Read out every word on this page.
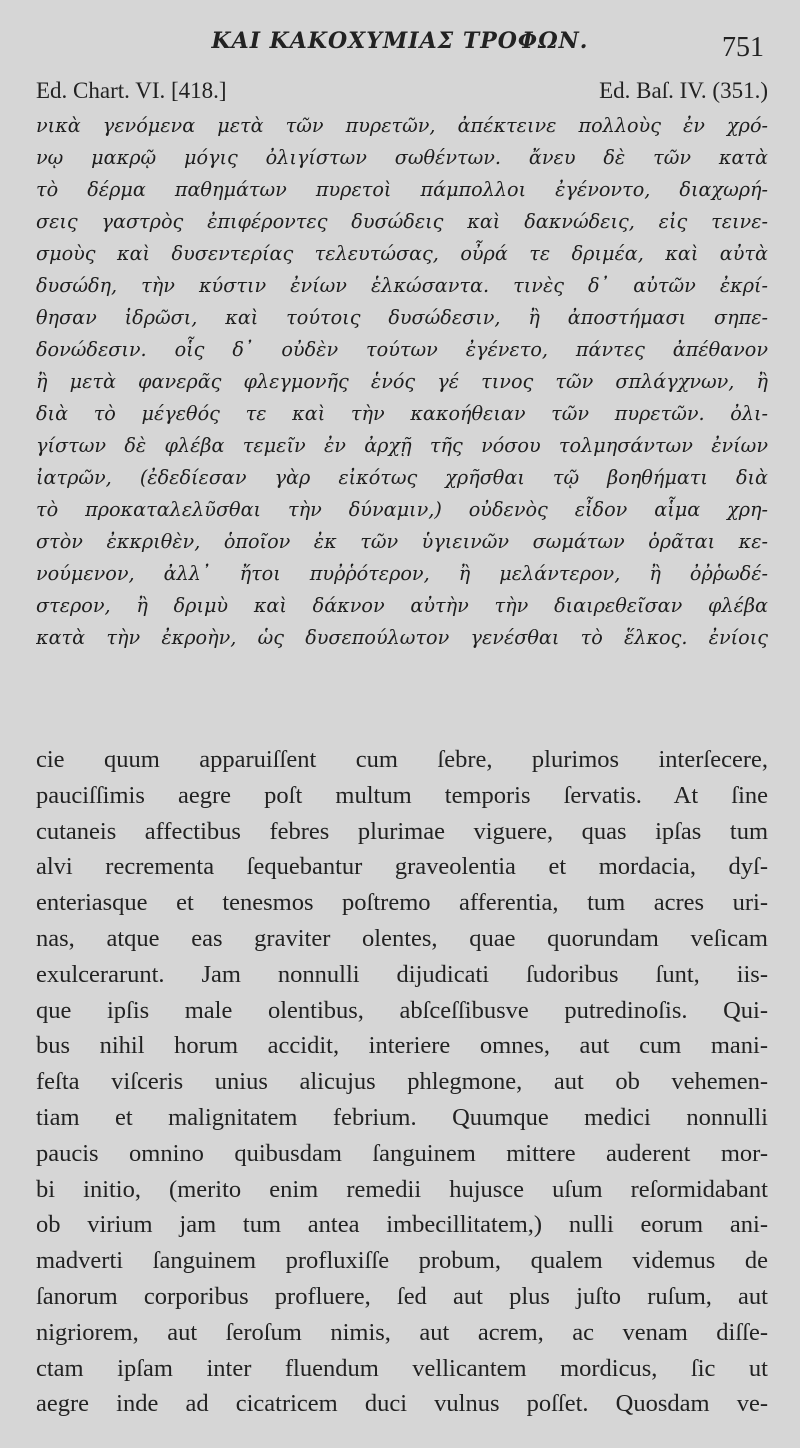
ΚΑΙ ΚΑΚΟΧΥΜΙΑΣ ΤΡΟΦΩΝ.	751
Ed. Chart. VI. [418.]	Ed. Baſ. IV. (351.)
νικὰ γενόμενα μετὰ τῶν πυρετῶν, ἀπέκτεινε πολλοὺς ἐν χρό-
νῳ μακρῷ μόγις ὀλιγίστων σωθέντων. ἄνευ δὲ τῶν κατὰ
τὸ δέρμα παθημάτων πυρετοὶ πάμπολλοι ἐγένοντο, διαχωρή-
σεις γαστρὸς ἐπιφέροντες δυσώδεις καὶ δακνώδεις, εἰς τεινε-
σμοὺς καὶ δυσεντερίας τελευτώσας, οὖρά τε δριμέα, καὶ αὐτὰ
δυσώδη, τὴν κύστιν ἐνίων ἑλκώσαντα. τινὲς δ᾽ αὐτῶν ἐκρί-
θησαν ἱδρῶσι, καὶ τούτοις δυσώδεσιν, ἢ ἀποστήμασι σηπε-
δονώδεσιν. οἷς δ᾽ οὐδὲν τούτων ἐγένετο, πάντες ἀπέθανον
ἢ μετὰ φανερᾶς φλεγμονῆς ἑνός γέ τινος τῶν σπλάγχνων, ἢ
διὰ τὸ μέγεθός τε καὶ τὴν κακοήθειαν τῶν πυρετῶν. ὀλι-
γίστων δὲ φλέβα τεμεῖν ἐν ἀρχῇ τῆς νόσου τολμησάντων ἐνίων
ἰατρῶν, (ἐδεδίεσαν γὰρ εἰκότως χρῆσθαι τῷ βοηθήματι διὰ
τὸ προκαταλελῦσθαι τὴν δύναμιν,) οὐδενὸς εἶδον αἷμα χρη-
στὸν ἐκκριθὲν, ὁποῖον ἐκ τῶν ὑγιεινῶν σωμάτων ὁρᾶται κε-
νούμενον, ἀλλ᾽ ἤτοι πυῤῥότερον, ἢ μελάντερον, ἢ ὀῤῥωδέ-
στερον, ἢ δριμὺ καὶ δάκνον αὐτὴν τὴν διαιρεθεῖσαν φλέβα
κατὰ τὴν ἐκροὴν, ὡς δυσεπούλωτον γενέσθαι τὸ ἕλκος. ἐνίοις
cie quum apparuiſſent cum ſebre, plurimos interſecere,
pauciſſimis aegre poſt multum temporis ſervatis. At ſine
cutaneis affectibus febres plurimae viguere, quas ipſas tum
alvi recrementa ſequebantur graveolentia et mordacia, dyſ-
enteriasque et tenesmos poſtremo afferentia, tum acres uri-
nas, atque eas graviter olentes, quae quorundam veſicam
exulcerarunt. Jam nonnulli dijudicati ſudoribus ſunt, iis-
que ipſis male olentibus, abſceſſibusve putredinoſis. Qui-
bus nihil horum accidit, interiere omnes, aut cum mani-
feſta viſceris unius alicujus phlegmone, aut ob vehemen-
tiam et malignitatem febrium. Quumque medici nonnulli
paucis omnino quibusdam ſanguinem mittere auderent mor-
bi initio, (merito enim remedii hujusce uſum reſormidabant
ob virium jam tum antea imbecillitatem,) nulli eorum ani-
madverti ſanguinem profluxiſſe probum, qualem videmus de
ſanorum corporibus profluere, ſed aut plus juſto ruſum, aut
nigriorem, aut ſeroſum nimis, aut acrem, ac venam diſſe-
ctam ipſam inter fluendum vellicantem mordicus, ſic ut
aegre inde ad cicatricem duci vulnus poſſet. Quosdam ve-
